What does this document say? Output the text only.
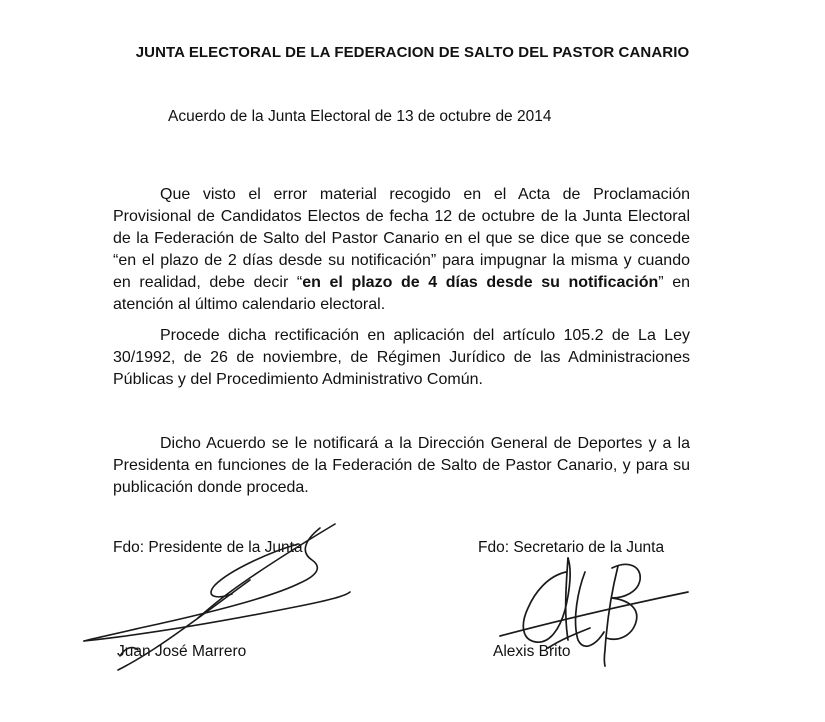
JUNTA ELECTORAL DE LA FEDERACION DE SALTO DEL PASTOR CANARIO
Acuerdo de la Junta Electoral de 13 de octubre de 2014

Que visto el error material recogido en el Acta de Proclamación Provisional de Candidatos Electos de fecha 12 de octubre de la Junta Electoral de la Federación de Salto del Pastor Canario en el que se dice que se concede “en el plazo de 2 días desde su notificación” para impugnar la misma y cuando en realidad, debe decir “en el plazo de 4 días desde su notificación” en atención al último calendario electoral.

Procede dicha rectificación en aplicación del artículo 105.2 de La Ley 30/1992, de 26 de noviembre, de Régimen Jurídico de las Administraciones Públicas y del Procedimiento Administrativo Común.

Dicho Acuerdo se le notificará a la Dirección General de Deportes y a la Presidenta en funciones de la Federación de Salto de Pastor Canario, y para su publicación donde proceda.

Fdo: Presidente de la Junta	Fdo: Secretario de la Junta
Juan José Marrero	Alexis Brito
